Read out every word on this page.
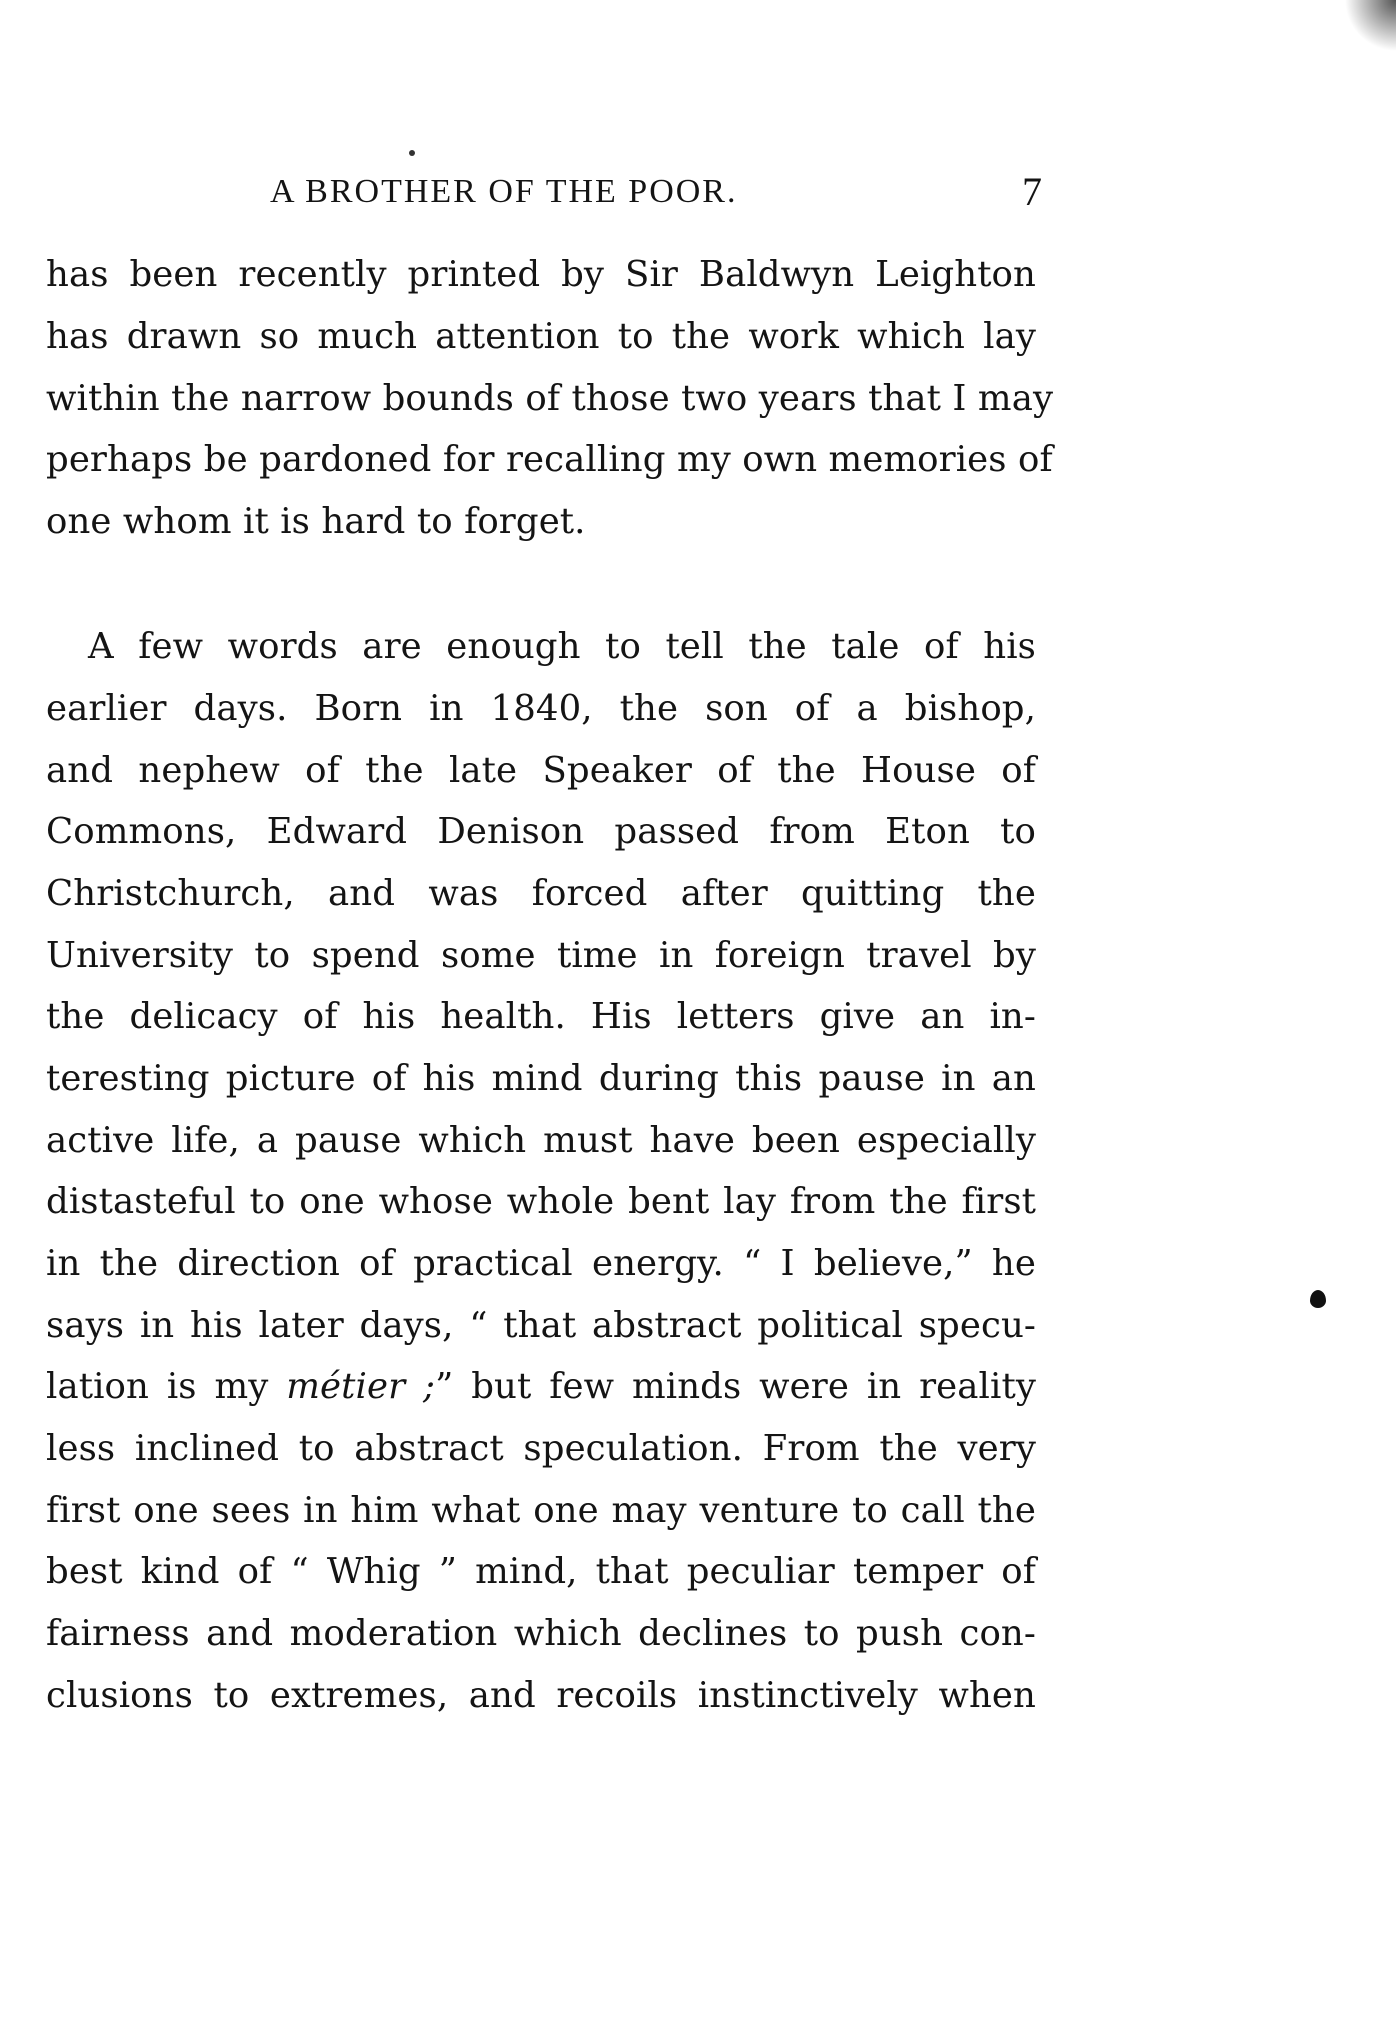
A BROTHER OF THE POOR.	7
has been recently printed by Sir Baldwyn Leighton
has drawn so much attention to the work which lay
within the narrow bounds of those two years that I may
perhaps be pardoned for recalling my own memories of
one whom it is hard to forget.
A few words are enough to tell the tale of his
earlier days. Born in 1840, the son of a bishop,
and nephew of the late Speaker of the House of
Commons, Edward Denison passed from Eton to
Christchurch, and was forced after quitting the
University to spend some time in foreign travel by
the delicacy of his health. His letters give an in-
teresting picture of his mind during this pause in an
active life, a pause which must have been especially
distasteful to one whose whole bent lay from the first
in the direction of practical energy. “ I believe,” he
says in his later days, “ that abstract political specu-
lation is my métier ;” but few minds were in reality
less inclined to abstract speculation. From the very
first one sees in him what one may venture to call the
best kind of “ Whig ” mind, that peculiar temper of
fairness and moderation which declines to push con-
clusions to extremes, and recoils instinctively when
